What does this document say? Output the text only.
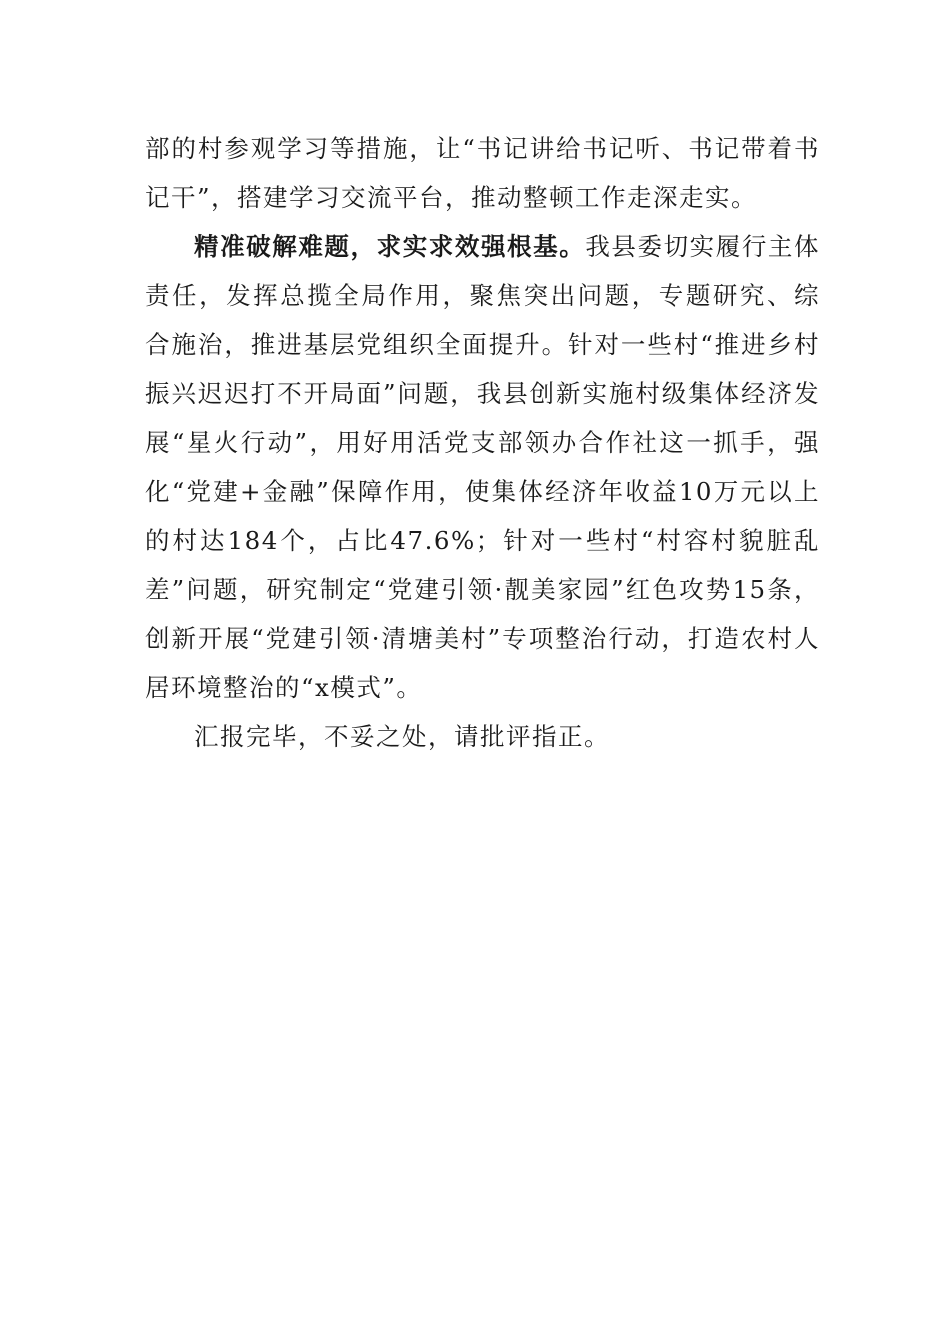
部的村参观学习等措施，让“书记讲给书记听、书记带着书记干”，搭建学习交流平台，推动整顿工作走深走实。

精准破解难题，求实求效强根基。我县委切实履行主体责任，发挥总揽全局作用，聚焦突出问题，专题研究、综合施治，推进基层党组织全面提升。针对一些村“推进乡村振兴迟迟打不开局面”问题，我县创新实施村级集体经济发展“星火行动”，用好用活党支部领办合作社这一抓手，强化“党建+金融”保障作用，使集体经济年收益10万元以上的村达184个，占比47.6%；针对一些村“村容村貌脏乱差”问题，研究制定“党建引领·靓美家园”红色攻势15条，创新开展“党建引领·清塘美村”专项整治行动，打造农村人居环境整治的“x模式”。

汇报完毕，不妥之处，请批评指正。
